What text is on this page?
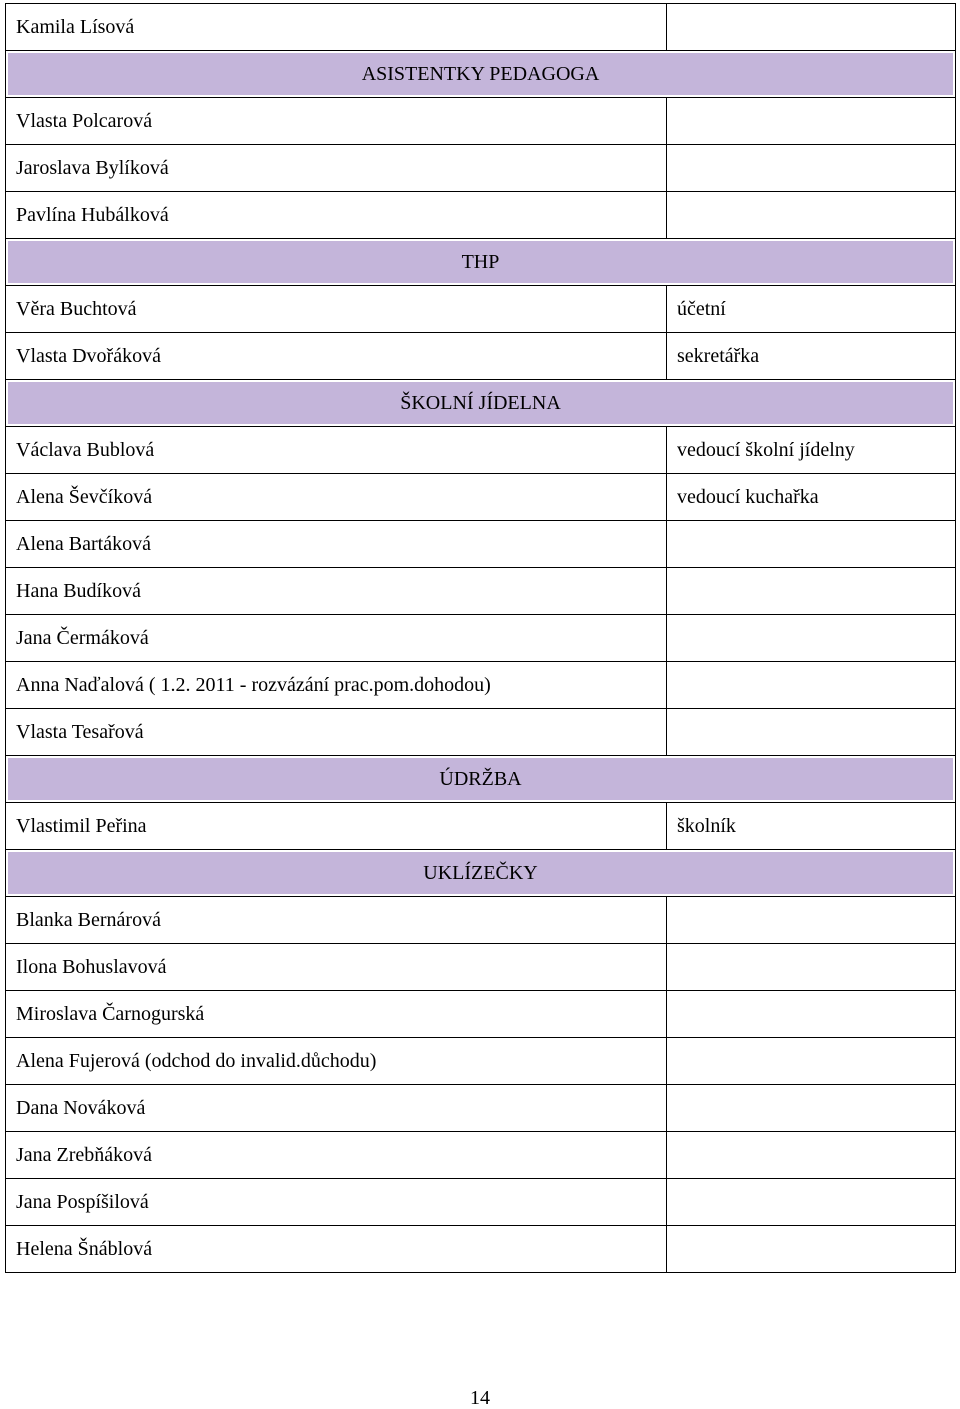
Kamila Lísová	
ASISTENTKY PEDAGOGA	
Vlasta Polcarová	
Jaroslava Bylíková	
Pavlína Hubálková	
THP	
Věra Buchtová	účetní
Vlasta Dvořáková	sekretářka
ŠKOLNÍ JÍDELNA	
Václava Bublová	vedoucí školní jídelny
Alena Ševčíková	vedoucí kuchařka
Alena Bartáková	
Hana Budíková	
Jana Čermáková	
Anna Naďalová ( 1.2. 2011 - rozvázání prac.pom.dohodou)	
Vlasta Tesařová	
ÚDRŽBA	
Vlastimil Peřina	školník
UKLÍZEČKY	
Blanka Bernárová	
Ilona Bohuslavová	
Miroslava Čarnogurská	
Alena Fujerová (odchod do invalid.důchodu)	
Dana Nováková	
Jana Zrebňáková	
Jana Pospíšilová	
Helena Šnáblová	
14
